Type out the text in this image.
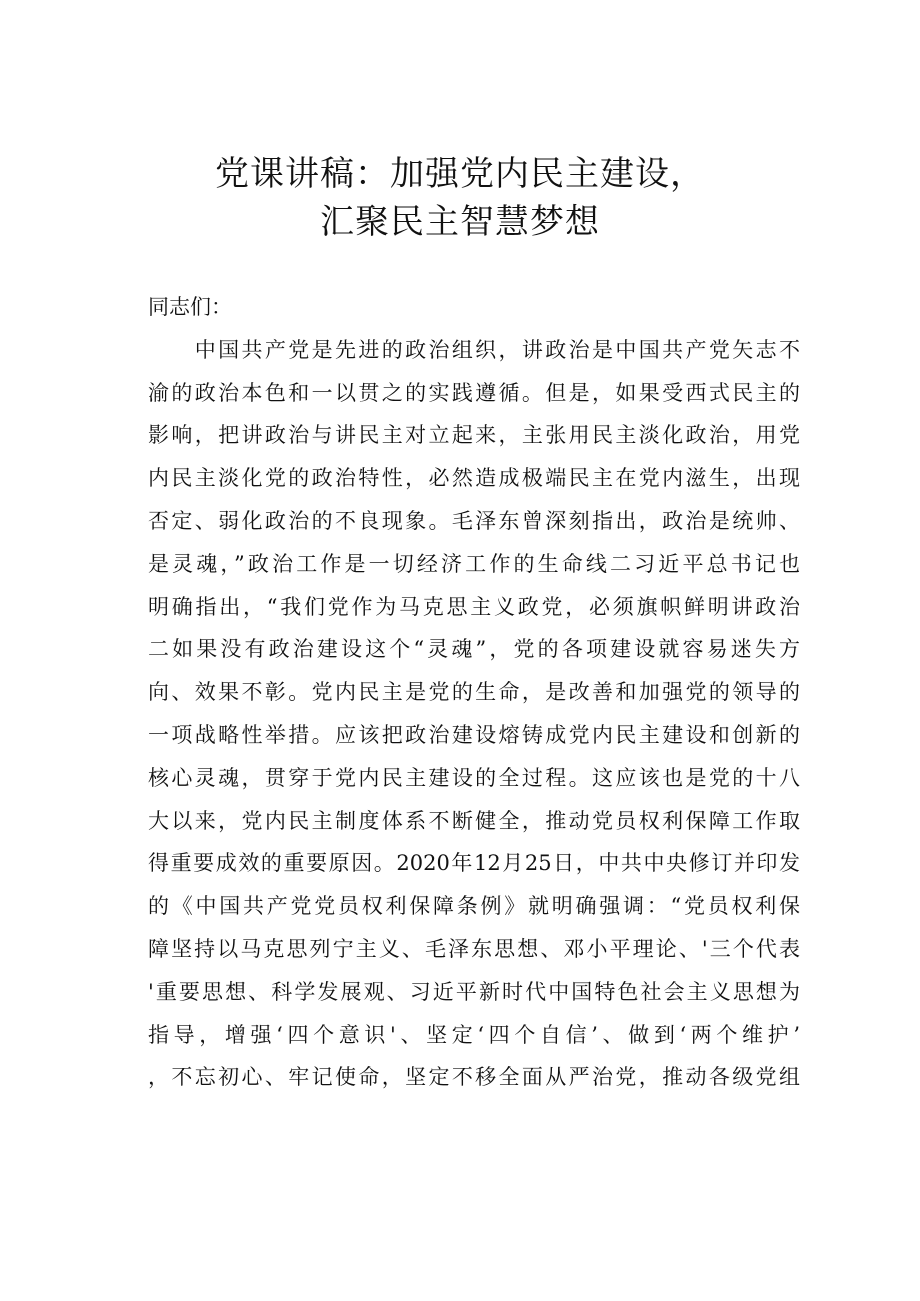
党课讲稿：加强党内民主建设，
汇聚民主智慧梦想
同志们：
　　中国共产党是先进的政治组织，讲政治是中国共产党矢志不
渝的政治本色和一以贯之的实践遵循。但是，如果受西式民主的
影响，把讲政治与讲民主对立起来，主张用民主淡化政治，用党
内民主淡化党的政治特性，必然造成极端民主在党内滋生，出现
否定、弱化政治的不良现象。毛泽东曾深刻指出，政治是统帅、
是灵魂，”政治工作是一切经济工作的生命线二习近平总书记也
明确指出，“我们党作为马克思主义政党，必须旗帜鲜明讲政治
二如果没有政治建设这个“灵魂”，党的各项建设就容易迷失方
向、效果不彰。党内民主是党的生命，是改善和加强党的领导的
一项战略性举措。应该把政治建设熔铸成党内民主建设和创新的
核心灵魂，贯穿于党内民主建设的全过程。这应该也是党的十八
大以来，党内民主制度体系不断健全，推动党员权利保障工作取
得重要成效的重要原因。2020年12月25日，中共中央修订并印发
的《中国共产党党员权利保障条例》就明确强调：“党员权利保
障坚持以马克思列宁主义、毛泽东思想、邓小平理论、'三个代表
'重要思想、科学发展观、习近平新时代中国特色社会主义思想为
指导，增强‘四个意识'、坚定‘四个自信’、做到‘两个维护’
，不忘初心、牢记使命，坚定不移全面从严治党，推动各级党组
